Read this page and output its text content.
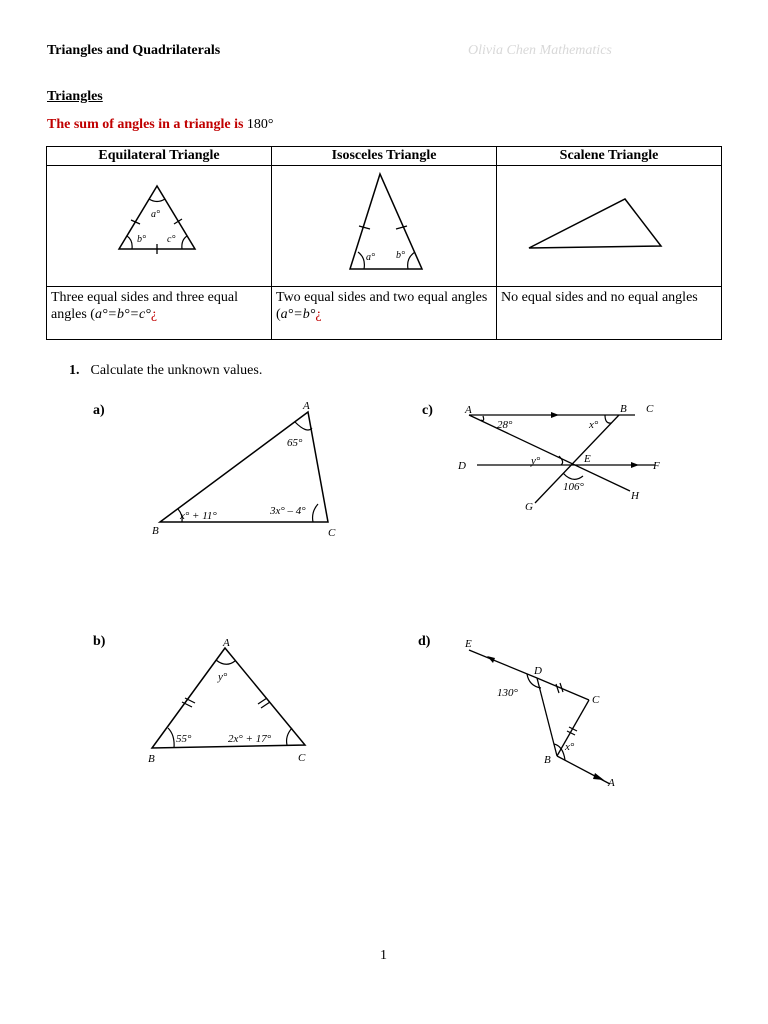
Triangles and Quadrilaterals	Olivia Chen Mathematics
Triangles
The sum of angles in a triangle is 180°
Equilateral Triangle	Isosceles Triangle	Scalene Triangle

a°
b° c°	a° b°

Three equal sides and three equal angles (a°=b°=c°¿	Two equal sides and two equal angles (a°=b°¿	No equal sides and no equal angles
1. Calculate the unknown values.
a)	A
B	C
65°
x° + 11°	3x° – 4°
c)	A	B C
D
E
F
G
H
28°	x°
y°
106°
b)	A
B	C
y°
55°	2x° + 17°
d)	E
D
C
B
A
130°
x°
1
